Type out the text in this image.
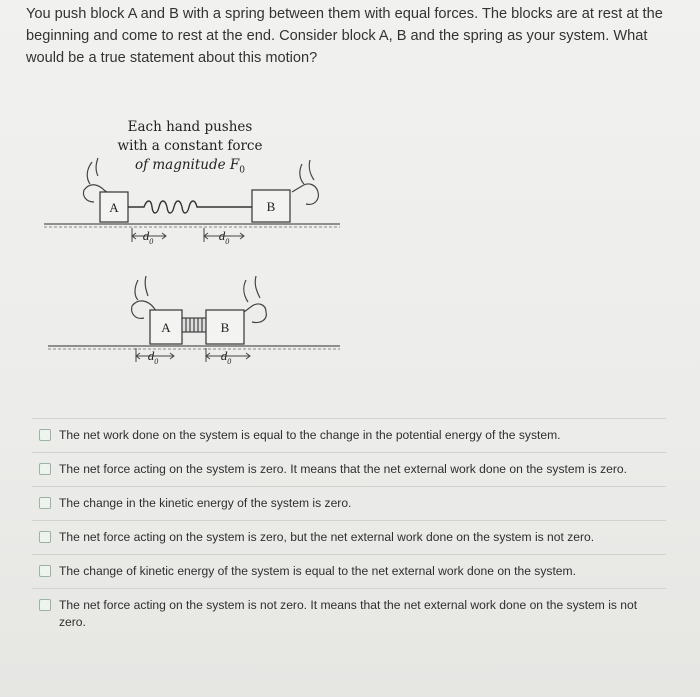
You push block A and B with a spring between them with equal forces. The blocks are at rest at the beginning and come to rest at the end. Consider block A, B and the spring as your system. What would be a true statement about this motion?
Each hand pushes
with a constant force
of magnitude $F_0$
A	B
$d_0$	$d_0$
A	B
$d_0$	$d_0$
The net work done on the system is equal to the change in the potential energy of the system.
The net force acting on the system is zero. It means that the net external work done on the system is zero.
The change in the kinetic energy of the system is zero.
The net force acting on the system is zero, but the net external work done on the system is not zero.
The change of kinetic energy of the system is equal to the net external work done on the system.
The net force acting on the system is not zero. It means that the net external work done on the system is not zero.
